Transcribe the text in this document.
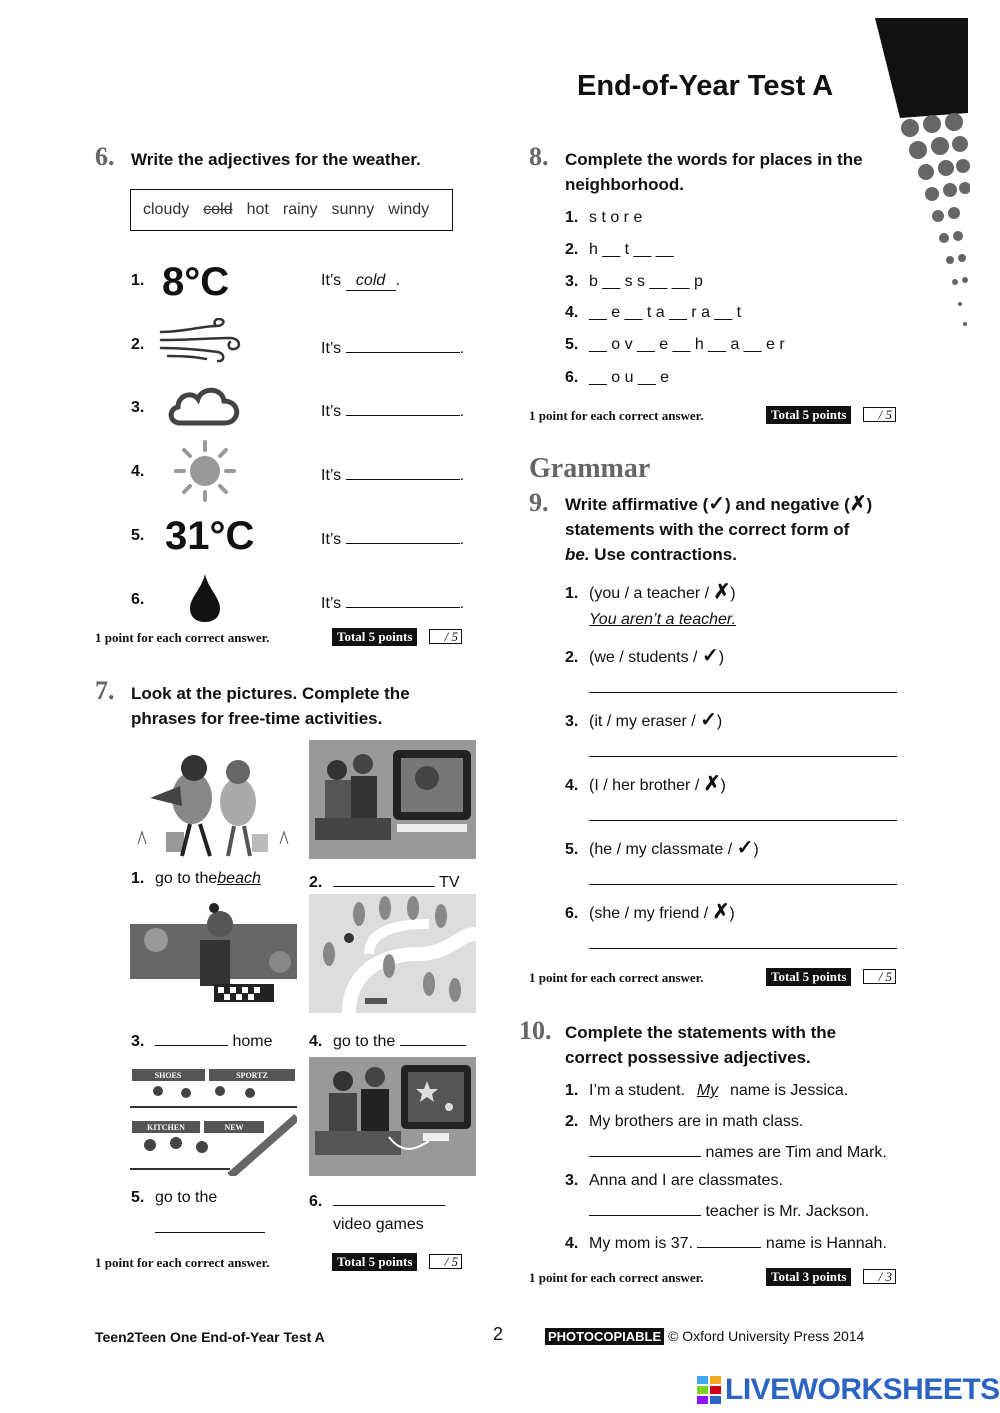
End-of-Year Test A
6. Write the adjectives for the weather.
cloudy cold hot rainy sunny windy
1. 8°C	It’s cold .
2.	It’s	.
3.	It’s	.
4.	It’s	.
5. 31°C	It’s	.
6.	It’s	.
1 point for each correct answer.	Total 5 points	/ 5
7. Look at the pictures. Complete the phrases for free-time activities.
1. go to thebeach	2.	TV
3.	home 4. go to the
SHOES	SPORTZ
KITCHEN	NEW
5. go to the	6.
video games
1 point for each correct answer.	Total 5 points	/ 5
8. Complete the words for places in the neighborhood.
1. s t o r e
2. h __ t __ __
3. b __ s s __ __ p
4. __ e __ t a __ r a __ t
5. __ o v __ e __ h __ a __ e r
6. __ o u __ e
1 point for each correct answer.	Total 5 points	/ 5
Grammar
9. Write affirmative (✓) and negative (✗) statements with the correct form of
be. Use contractions.
1. (you / a teacher / ✗)
You aren’t a teacher.
2. (we / students / ✓)
3. (it / my eraser / ✓)
4. (I / her brother / ✗)
5. (he / my classmate / ✓)
6. (she / my friend / ✗)
1 point for each correct answer.	Total 5 points	/ 5
10. Complete the statements with the correct possessive adjectives.
1. I’m a student. My name is Jessica.
2. My brothers are in math class.
names are Tim and Mark.
3. Anna and I are classmates.
teacher is Mr. Jackson.
4. My mom is 37.	name is Hannah.
1 point for each correct answer.	Total 3 points	/ 3
Teen2Teen One End-of-Year Test A	2	PHOTOCOPIABLE © Oxford University Press 2014
LIVEWORKSHEETS
